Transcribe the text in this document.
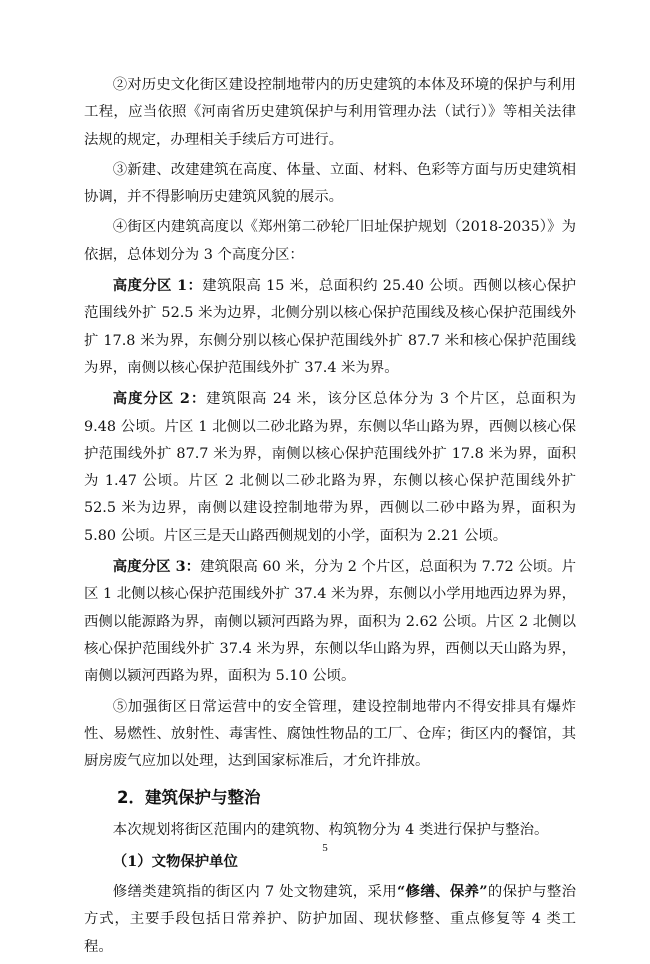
②对历史文化街区建设控制地带内的历史建筑的本体及环境的保护与利用工程，应当依照《河南省历史建筑保护与利用管理办法（试行）》等相关法律法规的规定，办理相关手续后方可进行。

③新建、改建建筑在高度、体量、立面、材料、色彩等方面与历史建筑相协调，并不得影响历史建筑风貌的展示。

④街区内建筑高度以《郑州第二砂轮厂旧址保护规划（2018-2035）》为依据，总体划分为 3 个高度分区：

高度分区 1：建筑限高 15 米，总面积约 25.40 公顷。西侧以核心保护范围线外扩 52.5 米为边界，北侧分别以核心保护范围线及核心保护范围线外扩 17.8 米为界，东侧分别以核心保护范围线外扩 87.7 米和核心保护范围线为界，南侧以核心保护范围线外扩 37.4 米为界。

高度分区 2：建筑限高 24 米，该分区总体分为 3 个片区，总面积为 9.48 公顷。片区 1 北侧以二砂北路为界，东侧以华山路为界，西侧以核心保护范围线外扩 87.7 米为界，南侧以核心保护范围线外扩 17.8 米为界，面积为 1.47 公顷。片区 2 北侧以二砂北路为界，东侧以核心保护范围线外扩 52.5 米为边界，南侧以建设控制地带为界，西侧以二砂中路为界，面积为 5.80 公顷。片区三是天山路西侧规划的小学，面积为 2.21 公顷。

高度分区 3：建筑限高 60 米，分为 2 个片区，总面积为 7.72 公顷。片区 1 北侧以核心保护范围线外扩 37.4 米为界，东侧以小学用地西边界为界，西侧以能源路为界，南侧以颍河西路为界，面积为 2.62 公顷。片区 2 北侧以核心保护范围线外扩 37.4 米为界，东侧以华山路为界，西侧以天山路为界，南侧以颍河西路为界，面积为 5.10 公顷。

⑤加强街区日常运营中的安全管理，建设控制地带内不得安排具有爆炸性、易燃性、放射性、毒害性、腐蚀性物品的工厂、仓库；街区内的餐馆，其厨房废气应加以处理，达到国家标准后，才允许排放。

2．建筑保护与整治

本次规划将街区范围内的建筑物、构筑物分为 4 类进行保护与整治。

（1）文物保护单位

修缮类建筑指的街区内 7 处文物建筑，采用“修缮、保养”的保护与整治方式，主要手段包括日常养护、防护加固、现状修整、重点修复等 4 类工程。

5
